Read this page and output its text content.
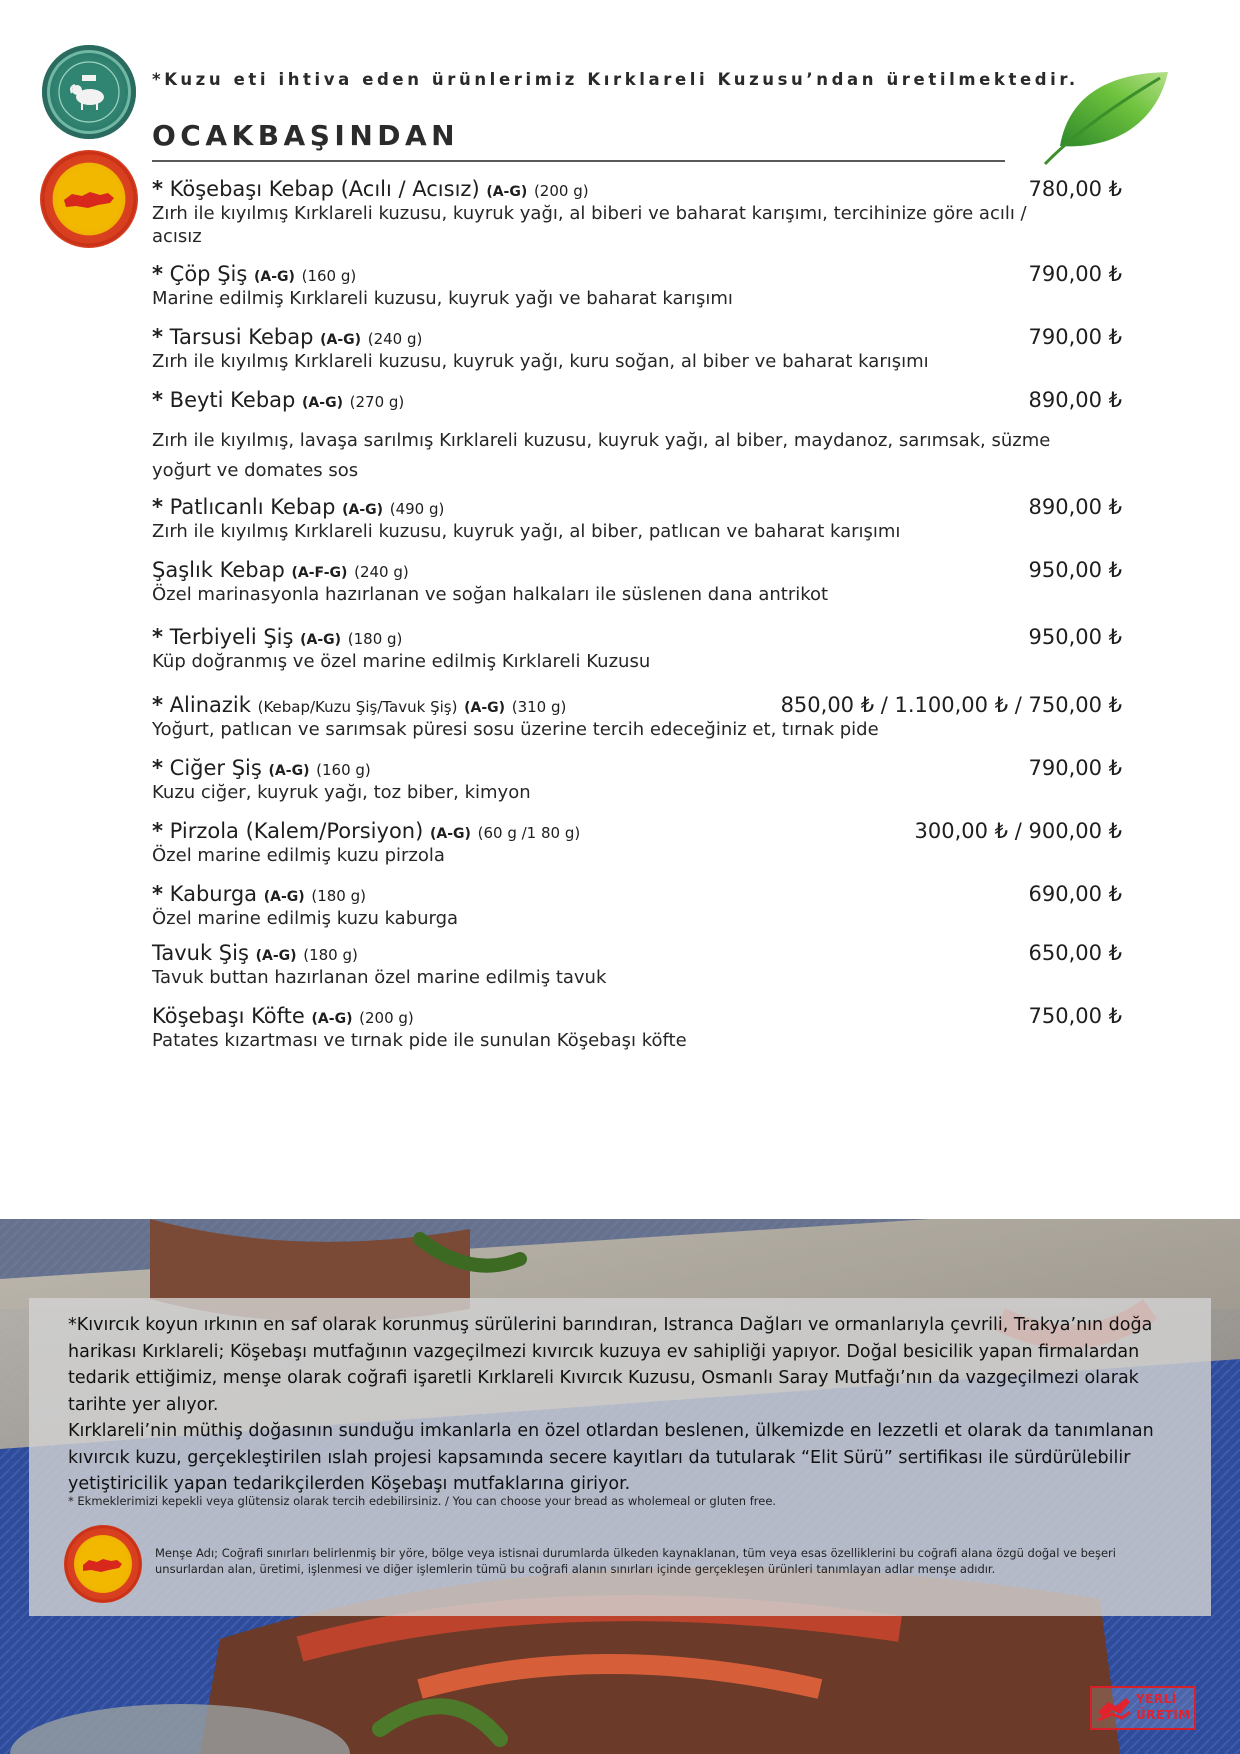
*Kuzu eti ihtiva eden ürünlerimiz Kırklareli Kuzusu’ndan üretilmektedir.
OCAKBAŞINDAN
* Köşebaşı Kebap (Acılı / Acısız) (A-G) (200 g)	780,00 ₺
Zırh ile kıyılmış Kırklareli kuzusu, kuyruk yağı, al biberi ve baharat karışımı, tercihinize göre acılı / acısız
* Çöp Şiş (A-G) (160 g)	790,00 ₺
Marine edilmiş Kırklareli kuzusu, kuyruk yağı ve baharat karışımı
* Tarsusi Kebap (A-G) (240 g)	790,00 ₺
Zırh ile kıyılmış Kırklareli kuzusu, kuyruk yağı, kuru soğan, al biber ve baharat karışımı
* Beyti Kebap (A-G) (270 g)	890,00 ₺
Zırh ile kıyılmış, lavaşa sarılmış Kırklareli kuzusu, kuyruk yağı, al biber, maydanoz, sarımsak, süzme yoğurt ve domates sos
* Patlıcanlı Kebap (A-G) (490 g)	890,00 ₺
Zırh ile kıyılmış Kırklareli kuzusu, kuyruk yağı, al biber, patlıcan ve baharat karışımı
Şaşlık Kebap (A-F-G) (240 g)	950,00 ₺
Özel marinasyonla hazırlanan ve soğan halkaları ile süslenen dana antrikot
* Terbiyeli Şiş (A-G) (180 g)	950,00 ₺
Küp doğranmış ve özel marine edilmiş Kırklareli Kuzusu
* Alinazik (Kebap/Kuzu Şiş/Tavuk Şiş) (A-G) (310 g)	850,00 ₺ / 1.100,00 ₺ / 750,00 ₺
Yoğurt, patlıcan ve sarımsak püresi sosu üzerine tercih edeceğiniz et, tırnak pide
* Ciğer Şiş (A-G) (160 g)	790,00 ₺
Kuzu ciğer, kuyruk yağı, toz biber, kimyon
* Pirzola (Kalem/Porsiyon) (A-G) (60 g /1 80 g)	300,00 ₺ / 900,00 ₺
Özel marine edilmiş kuzu pirzola
* Kaburga (A-G) (180 g)	690,00 ₺
Özel marine edilmiş kuzu kaburga
Tavuk Şiş (A-G) (180 g)	650,00 ₺
Tavuk buttan hazırlanan özel marine edilmiş tavuk
Köşebaşı Köfte (A-G) (200 g)	750,00 ₺
Patates kızartması ve tırnak pide ile sunulan Köşebaşı köfte

*Kıvırcık koyun ırkının en saf olarak korunmuş sürülerini barındıran, Istranca Dağları ve ormanlarıyla çevrili, Trakya’nın doğa harikası Kırklareli; Köşebaşı mutfağının vazgeçilmezi kıvırcık kuzuya ev sahipliği yapıyor. Doğal besicilik yapan firmalardan tedarik ettiğimiz, menşe olarak coğrafi işaretli Kırklareli Kıvırcık Kuzusu, Osmanlı Saray Mutfağı’nın da vazgeçilmezi olarak tarihte yer alıyor.

Kırklareli’nin müthiş doğasının sunduğu imkanlarla en özel otlardan beslenen, ülkemizde en lezzetli et olarak da tanımlanan kıvırcık kuzu, gerçekleştirilen ıslah projesi kapsamında secere kayıtları da tutularak “Elit Sürü” sertifikası ile sürdürülebilir yetiştiricilik yapan tedarikçilerden Köşebaşı mutfaklarına giriyor.

* Ekmeklerimizi kepekli veya glütensiz olarak tercih edebilirsiniz. / You can choose your bread as wholemeal or gluten free.
Menşe Adı; Coğrafi sınırları belirlenmiş bir yöre, bölge veya istisnai durumlarda ülkeden kaynaklanan, tüm veya esas özelliklerini bu coğrafi alana özgü doğal ve beşeri unsurlardan alan, üretimi, işlenmesi ve diğer işlemlerin tümü bu coğrafi alanın sınırları içinde gerçekleşen ürünleri tanımlayan adlar menşe adıdır.
YERLİ
ÜRETİM
